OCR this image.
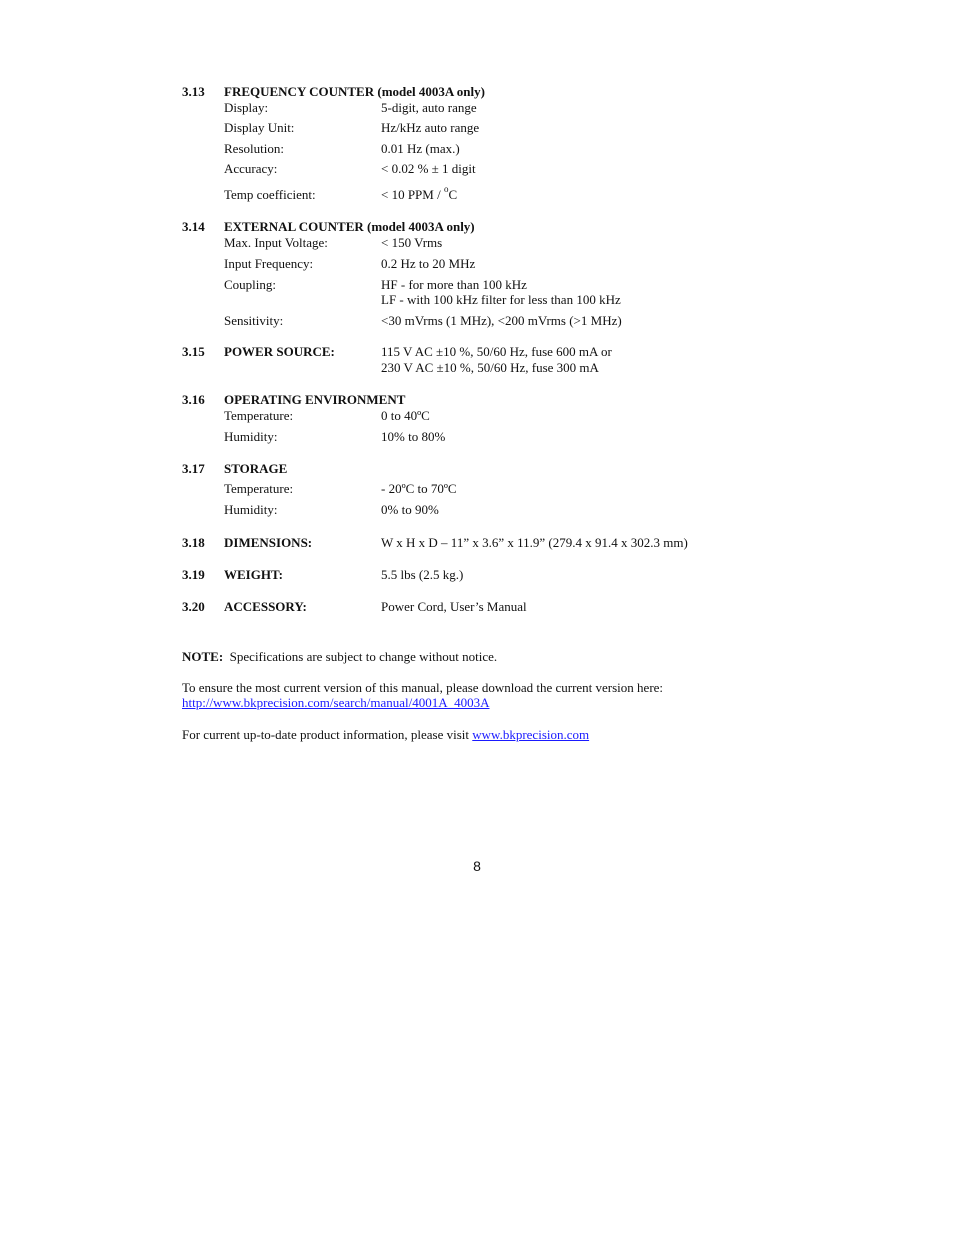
3.13 FREQUENCY COUNTER (model 4003A only)
Display:	5-digit, auto range
Display Unit:	Hz/kHz auto range
Resolution:	0.01 Hz (max.)
Accuracy:	< 0.02 % ± 1 digit
Temp coefficient:	< 10 PPM / $^o$C
3.14 EXTERNAL COUNTER (model 4003A only)
Max. Input Voltage:	< 150 Vrms
Input Frequency:	0.2 Hz to 20 MHz
Coupling:	HF - for more than 100 kHz
LF - with 100 kHz filter for less than 100 kHz
Sensitivity:	<30 mVrms (1 MHz), <200 mVrms (>1 MHz)
3.15 POWER SOURCE:	115 V AC ±10 %, 50/60 Hz, fuse 600 mA or
230 V AC ±10 %, 50/60 Hz, fuse 300 mA
3.16 OPERATING ENVIRONMENT
Temperature:	0 to 40ºC
Humidity:	10% to 80%
3.17 STORAGE
Temperature:	- 20ºC to 70ºC
Humidity:	0% to 90%
3.18 DIMENSIONS:	W x H x D – 11” x 3.6” x 11.9” (279.4 x 91.4 x 302.3 mm)
3.19 WEIGHT:	5.5 lbs (2.5 kg.)
3.20 ACCESSORY:	Power Cord, User’s Manual
NOTE:  Specifications are subject to change without notice.
To ensure the most current version of this manual, please download the current version here:
http://www.bkprecision.com/search/manual/4001A_4003A
For current up-to-date product information, please visit www.bkprecision.com
8
